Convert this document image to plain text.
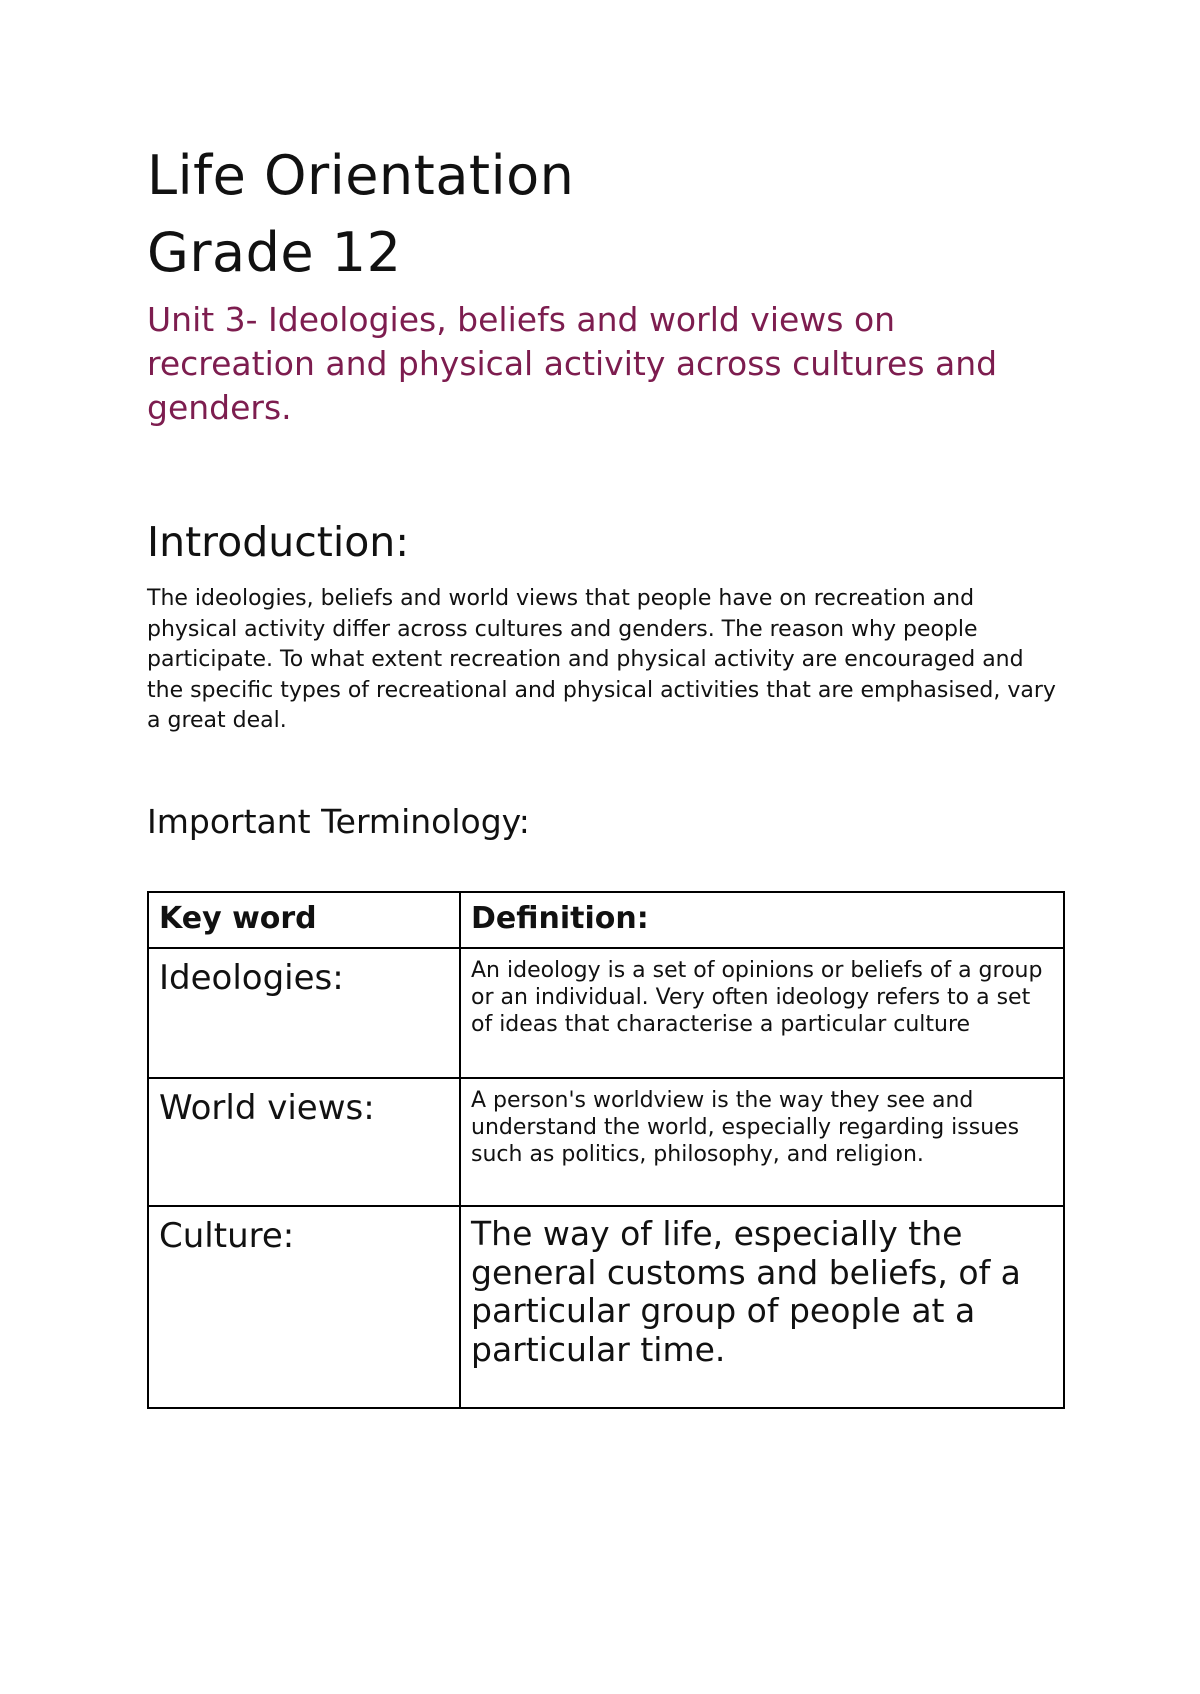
Life Orientation
Grade 12

Unit 3- Ideologies, beliefs and world views on recreation and physical activity across cultures and genders.

Introduction:

The ideologies, beliefs and world views that people have on recreation and physical activity differ across cultures and genders. The reason why people participate. To what extent recreation and physical activity are encouraged and the specific types of recreational and physical activities that are emphasised, vary a great deal.

Important Terminology:
Key word	Definition:
Ideologies:	An ideology is a set of opinions or beliefs of a group or an individual. Very often ideology refers to a set of ideas that characterise a particular culture
World views:	A person's worldview is the way they see and understand the world, especially regarding issues such as politics, philosophy, and religion.
Culture:	The way of life, especially the general customs and beliefs, of a particular group of people at a particular time.
